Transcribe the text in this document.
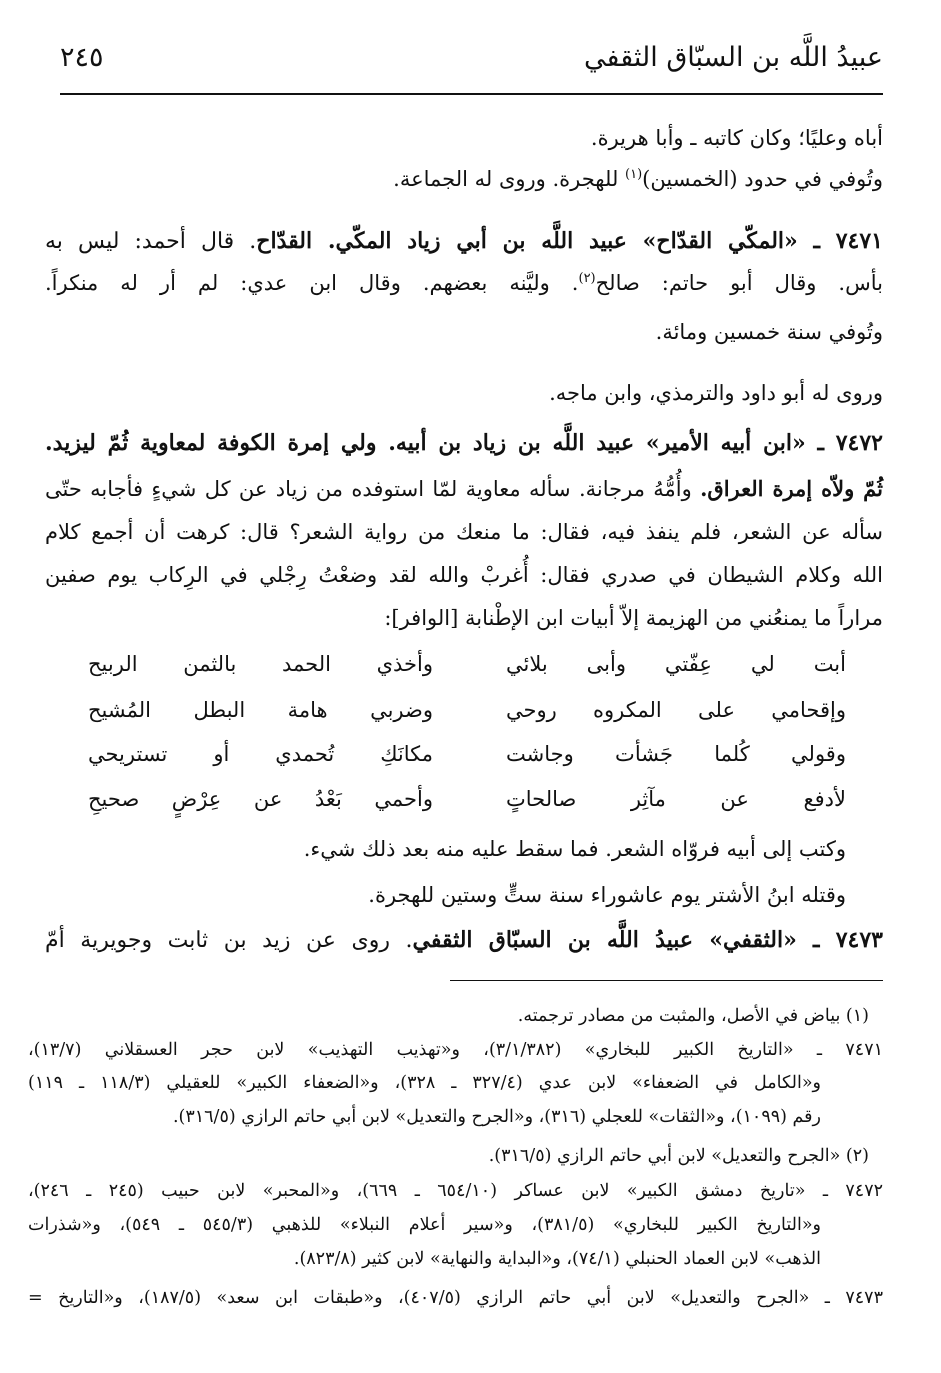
عبيدُ اللَّه بن السبّاق الثقفي
٢٤٥
أباه وعليًا؛ وكان كاتبه ـ وأبا هريرة.
وتُوفي في حدود (الخمسين)$^{(١)}$ للهجرة. وروى له الجماعة.
٧٤٧١ ـ «المكّي القدّاح» عبيد اللَّه بن أبي زياد المكّي. القدّاح. قال أحمد: ليس به
بأس. وقال أبو حاتم: صالح$^{(٢)}$. وليَّنه بعضهم. وقال ابن عدي: لم أر له منكراً.
وتُوفي سنة خمسين ومائة.
وروى له أبو داود والترمذي، وابن ماجه.
٧٤٧٢ ـ «ابن أبيه الأمير» عبيد اللَّه بن زياد بن أبيه. ولي إمرة الكوفة لمعاوية ثُمّ ليزيد.
ثُمّ ولاّه إمرة العراق. وأُمُّهُ مرجانة. سأله معاوية لمّا استوفده من زياد عن كل شيءٍ فأجابه حتّى
سأله عن الشعر، فلم ينفذ فيه، فقال: ما منعك من رواية الشعر؟ قال: كرهت أن أجمع كلام
الله وكلام الشيطان في صدري فقال: أُغربْ والله لقد وضعْتُ رِجْلي في الرِكاب يوم صفين
مراراً ما يمنعُني من الهزيمة إلاّ أبيات ابن الإطْنابة [الوافر]:
أبت لي عِفّتي وأبى بلائي
وأخذي الحمد بالثمن الربيح
وإقحامي على المكروه روحي
وضربي هامة البطل المُشيح
وقولي كُلما جَشأت وجاشت
مكانَكِ تُحمدي أو تستريحي
لأدفع عن مآثِر صالحاتٍ
وأحمي بَعْدُ عن عِرْضٍ صحيحِ
وكتب إلى أبيه فروّاه الشعر. فما سقط عليه منه بعد ذلك شيء.
وقتله ابنُ الأشتر يوم عاشوراء سنة ستٍّ وستين للهجرة.
٧٤٧٣ ـ «الثقفي» عبيدُ اللَّه بن السبّاق الثقفي. روى عن زيد بن ثابت وجويرية أمّ
(١) بياض في الأصل، والمثبت من مصادر ترجمته.
٧٤٧١ ـ «التاريخ الكبير للبخاري» (٣/١/٣٨٢)، و«تهذيب التهذيب» لابن حجر العسقلاني (١٣/٧)،
و«الكامل في الضعفاء» لابن عدي (٣٢٧/٤ ـ ٣٢٨)، و«الضعفاء الكبير» للعقيلي (١١٨/٣ ـ ١١٩)
رقم (١٠٩٩)، و«الثقات» للعجلي (٣١٦)، و«الجرح والتعديل» لابن أبي حاتم الرازي (٣١٦/٥).
(٢) «الجرح والتعديل» لابن أبي حاتم الرازي (٣١٦/٥).
٧٤٧٢ ـ «تاريخ دمشق الكبير» لابن عساكر (٦٥٤/١٠ ـ ٦٦٩)، و«المحبر» لابن حبيب (٢٤٥ ـ ٢٤٦)،
و«التاريخ الكبير للبخاري» (٣٨١/٥)، و«سير أعلام النبلاء» للذهبي (٥٤٥/٣ ـ ٥٤٩)، و«شذرات
الذهب» لابن العماد الحنبلي (٧٤/١)، و«البداية والنهاية» لابن كثير (٨٢٣/٨).
٧٤٧٣ ـ «الجرح والتعديل» لابن أبي حاتم الرازي (٤٠٧/٥)، و«طبقات ابن سعد» (١٨٧/٥)، و«التاريخ =
